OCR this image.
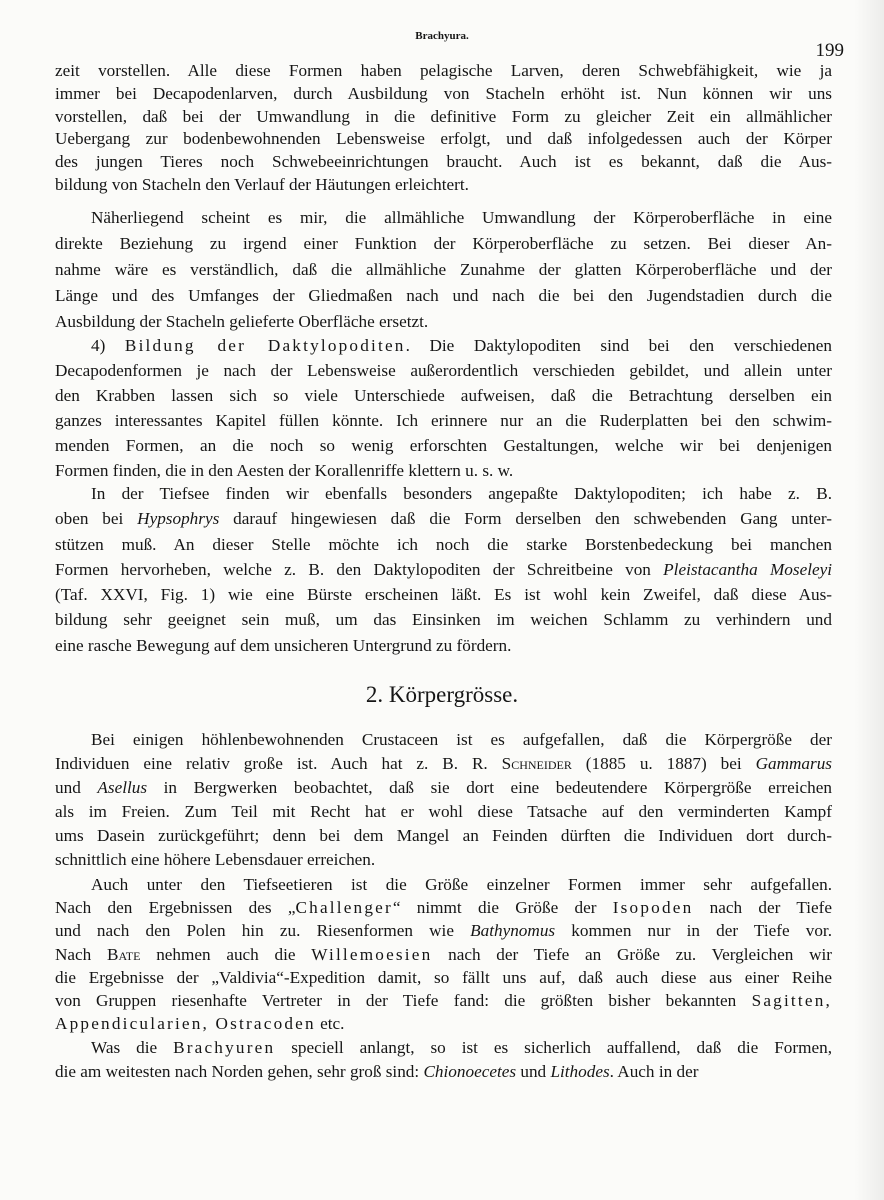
Brachyura.
199
2. Körpergrösse.
zeit vorstellen. Alle diese Formen haben pelagische Larven, deren Schwebfähigkeit, wie ja
immer bei Decapodenlarven, durch Ausbildung von Stacheln erhöht ist. Nun können wir uns
vorstellen, daß bei der Umwandlung in die definitive Form zu gleicher Zeit ein allmählicher
Uebergang zur bodenbewohnenden Lebensweise erfolgt, und daß infolgedessen auch der Körper
des jungen Tieres noch Schwebeeinrichtungen braucht. Auch ist es bekannt, daß die Aus-
bildung von Stacheln den Verlauf der Häutungen erleichtert.
Näherliegend scheint es mir, die allmähliche Umwandlung der Körperoberfläche in eine
direkte Beziehung zu irgend einer Funktion der Körperoberfläche zu setzen. Bei dieser An-
nahme wäre es verständlich, daß die allmähliche Zunahme der glatten Körperoberfläche und der
Länge und des Umfanges der Gliedmaßen nach und nach die bei den Jugendstadien durch die
Ausbildung der Stacheln gelieferte Oberfläche ersetzt.
4) Bildung der Daktylopoditen. Die Daktylopoditen sind bei den verschiedenen
Decapodenformen je nach der Lebensweise außerordentlich verschieden gebildet, und allein unter
den Krabben lassen sich so viele Unterschiede aufweisen, daß die Betrachtung derselben ein
ganzes interessantes Kapitel füllen könnte. Ich erinnere nur an die Ruderplatten bei den schwim-
menden Formen, an die noch so wenig erforschten Gestaltungen, welche wir bei denjenigen
Formen finden, die in den Aesten der Korallenriffe klettern u. s. w.
In der Tiefsee finden wir ebenfalls besonders angepaßte Daktylopoditen; ich habe z. B.
oben bei Hypsophrys darauf hingewiesen daß die Form derselben den schwebenden Gang unter-
stützen muß. An dieser Stelle möchte ich noch die starke Borstenbedeckung bei manchen
Formen hervorheben, welche z. B. den Daktylopoditen der Schreitbeine von Pleistacantha Moseleyi
(Taf. XXVI, Fig. 1) wie eine Bürste erscheinen läßt. Es ist wohl kein Zweifel, daß diese Aus-
bildung sehr geeignet sein muß, um das Einsinken im weichen Schlamm zu verhindern und
eine rasche Bewegung auf dem unsicheren Untergrund zu fördern.
Bei einigen höhlenbewohnenden Crustaceen ist es aufgefallen, daß die Körpergröße der
Individuen eine relativ große ist. Auch hat z. B. R. Schneider (1885 u. 1887) bei Gammarus
und Asellus in Bergwerken beobachtet, daß sie dort eine bedeutendere Körpergröße erreichen
als im Freien. Zum Teil mit Recht hat er wohl diese Tatsache auf den verminderten Kampf
ums Dasein zurückgeführt; denn bei dem Mangel an Feinden dürften die Individuen dort durch-
schnittlich eine höhere Lebensdauer erreichen.
Auch unter den Tiefseetieren ist die Größe einzelner Formen immer sehr aufgefallen.
Nach den Ergebnissen des „Challenger“ nimmt die Größe der Isopoden nach der Tiefe
und nach den Polen hin zu. Riesenformen wie Bathynomus kommen nur in der Tiefe vor.
Nach Bate nehmen auch die Willemoesien nach der Tiefe an Größe zu. Vergleichen wir
die Ergebnisse der „Valdivia“-Expedition damit, so fällt uns auf, daß auch diese aus einer Reihe
von Gruppen riesenhafte Vertreter in der Tiefe fand: die größten bisher bekannten Sagitten,
Appendicularien, Ostracoden etc.
Was die Brachyuren speciell anlangt, so ist es sicherlich auffallend, daß die Formen,
die am weitesten nach Norden gehen, sehr groß sind: Chionoecetes und Lithodes. Auch in der
